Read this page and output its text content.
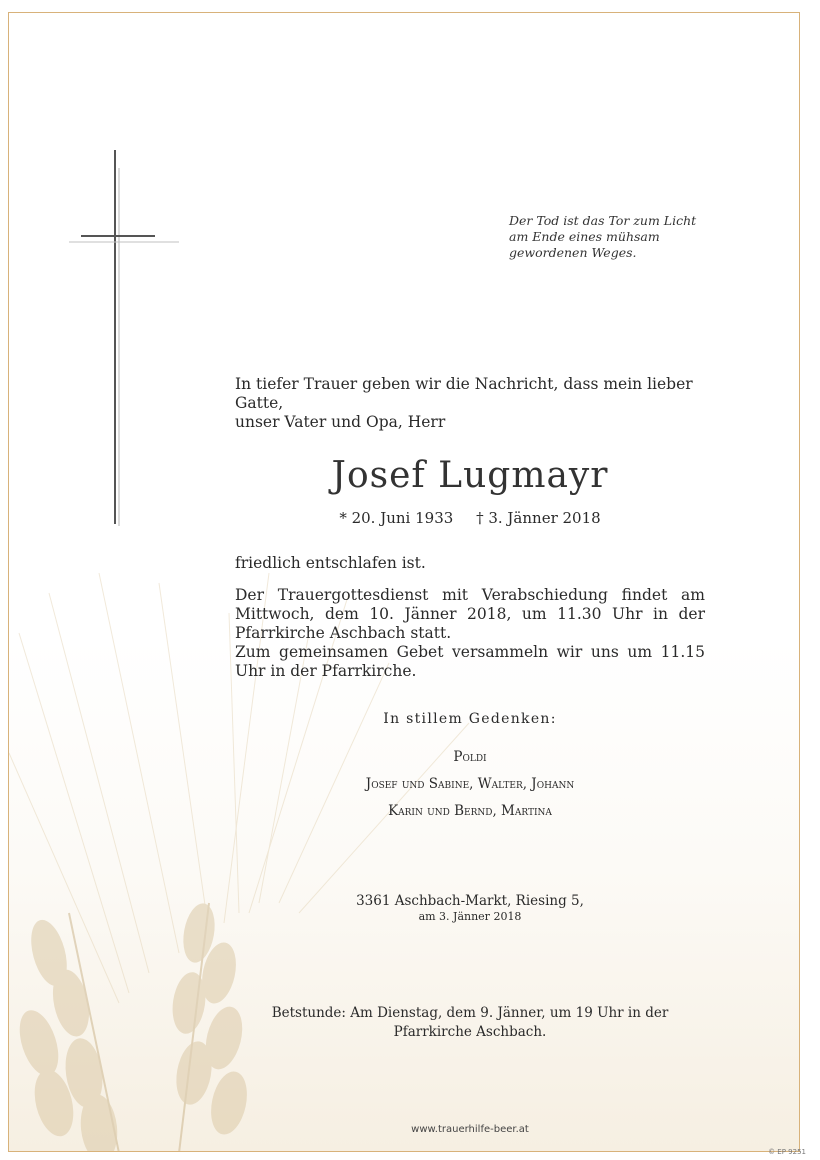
Der Tod ist das Tor zum Licht
am Ende eines mühsam
gewordenen Weges.
In tiefer Trauer geben wir die Nachricht, dass mein lieber Gatte,
unser Vater und Opa, Herr
Josef Lugmayr
* 20. Juni 1933 † 3. Jänner 2018
friedlich entschlafen ist.

Der Trauergottesdienst mit Verabschiedung findet am Mittwoch, dem 10. Jänner 2018, um 11.30 Uhr in der Pfarrkirche Aschbach statt.

Zum gemeinsamen Gebet versammeln wir uns um 11.15 Uhr in der Pfarrkirche.

In stillem Gedenken:
Poldi
Josef und Sabine, Walter, Johann
Karin und Bernd, Martina
3361 Aschbach-Markt, Riesing 5,
am 3. Jänner 2018
Betstunde: Am Dienstag, dem 9. Jänner, um 19 Uhr in der
Pfarrkirche Aschbach.
www.trauerhilfe-beer.at
© EP 9251
